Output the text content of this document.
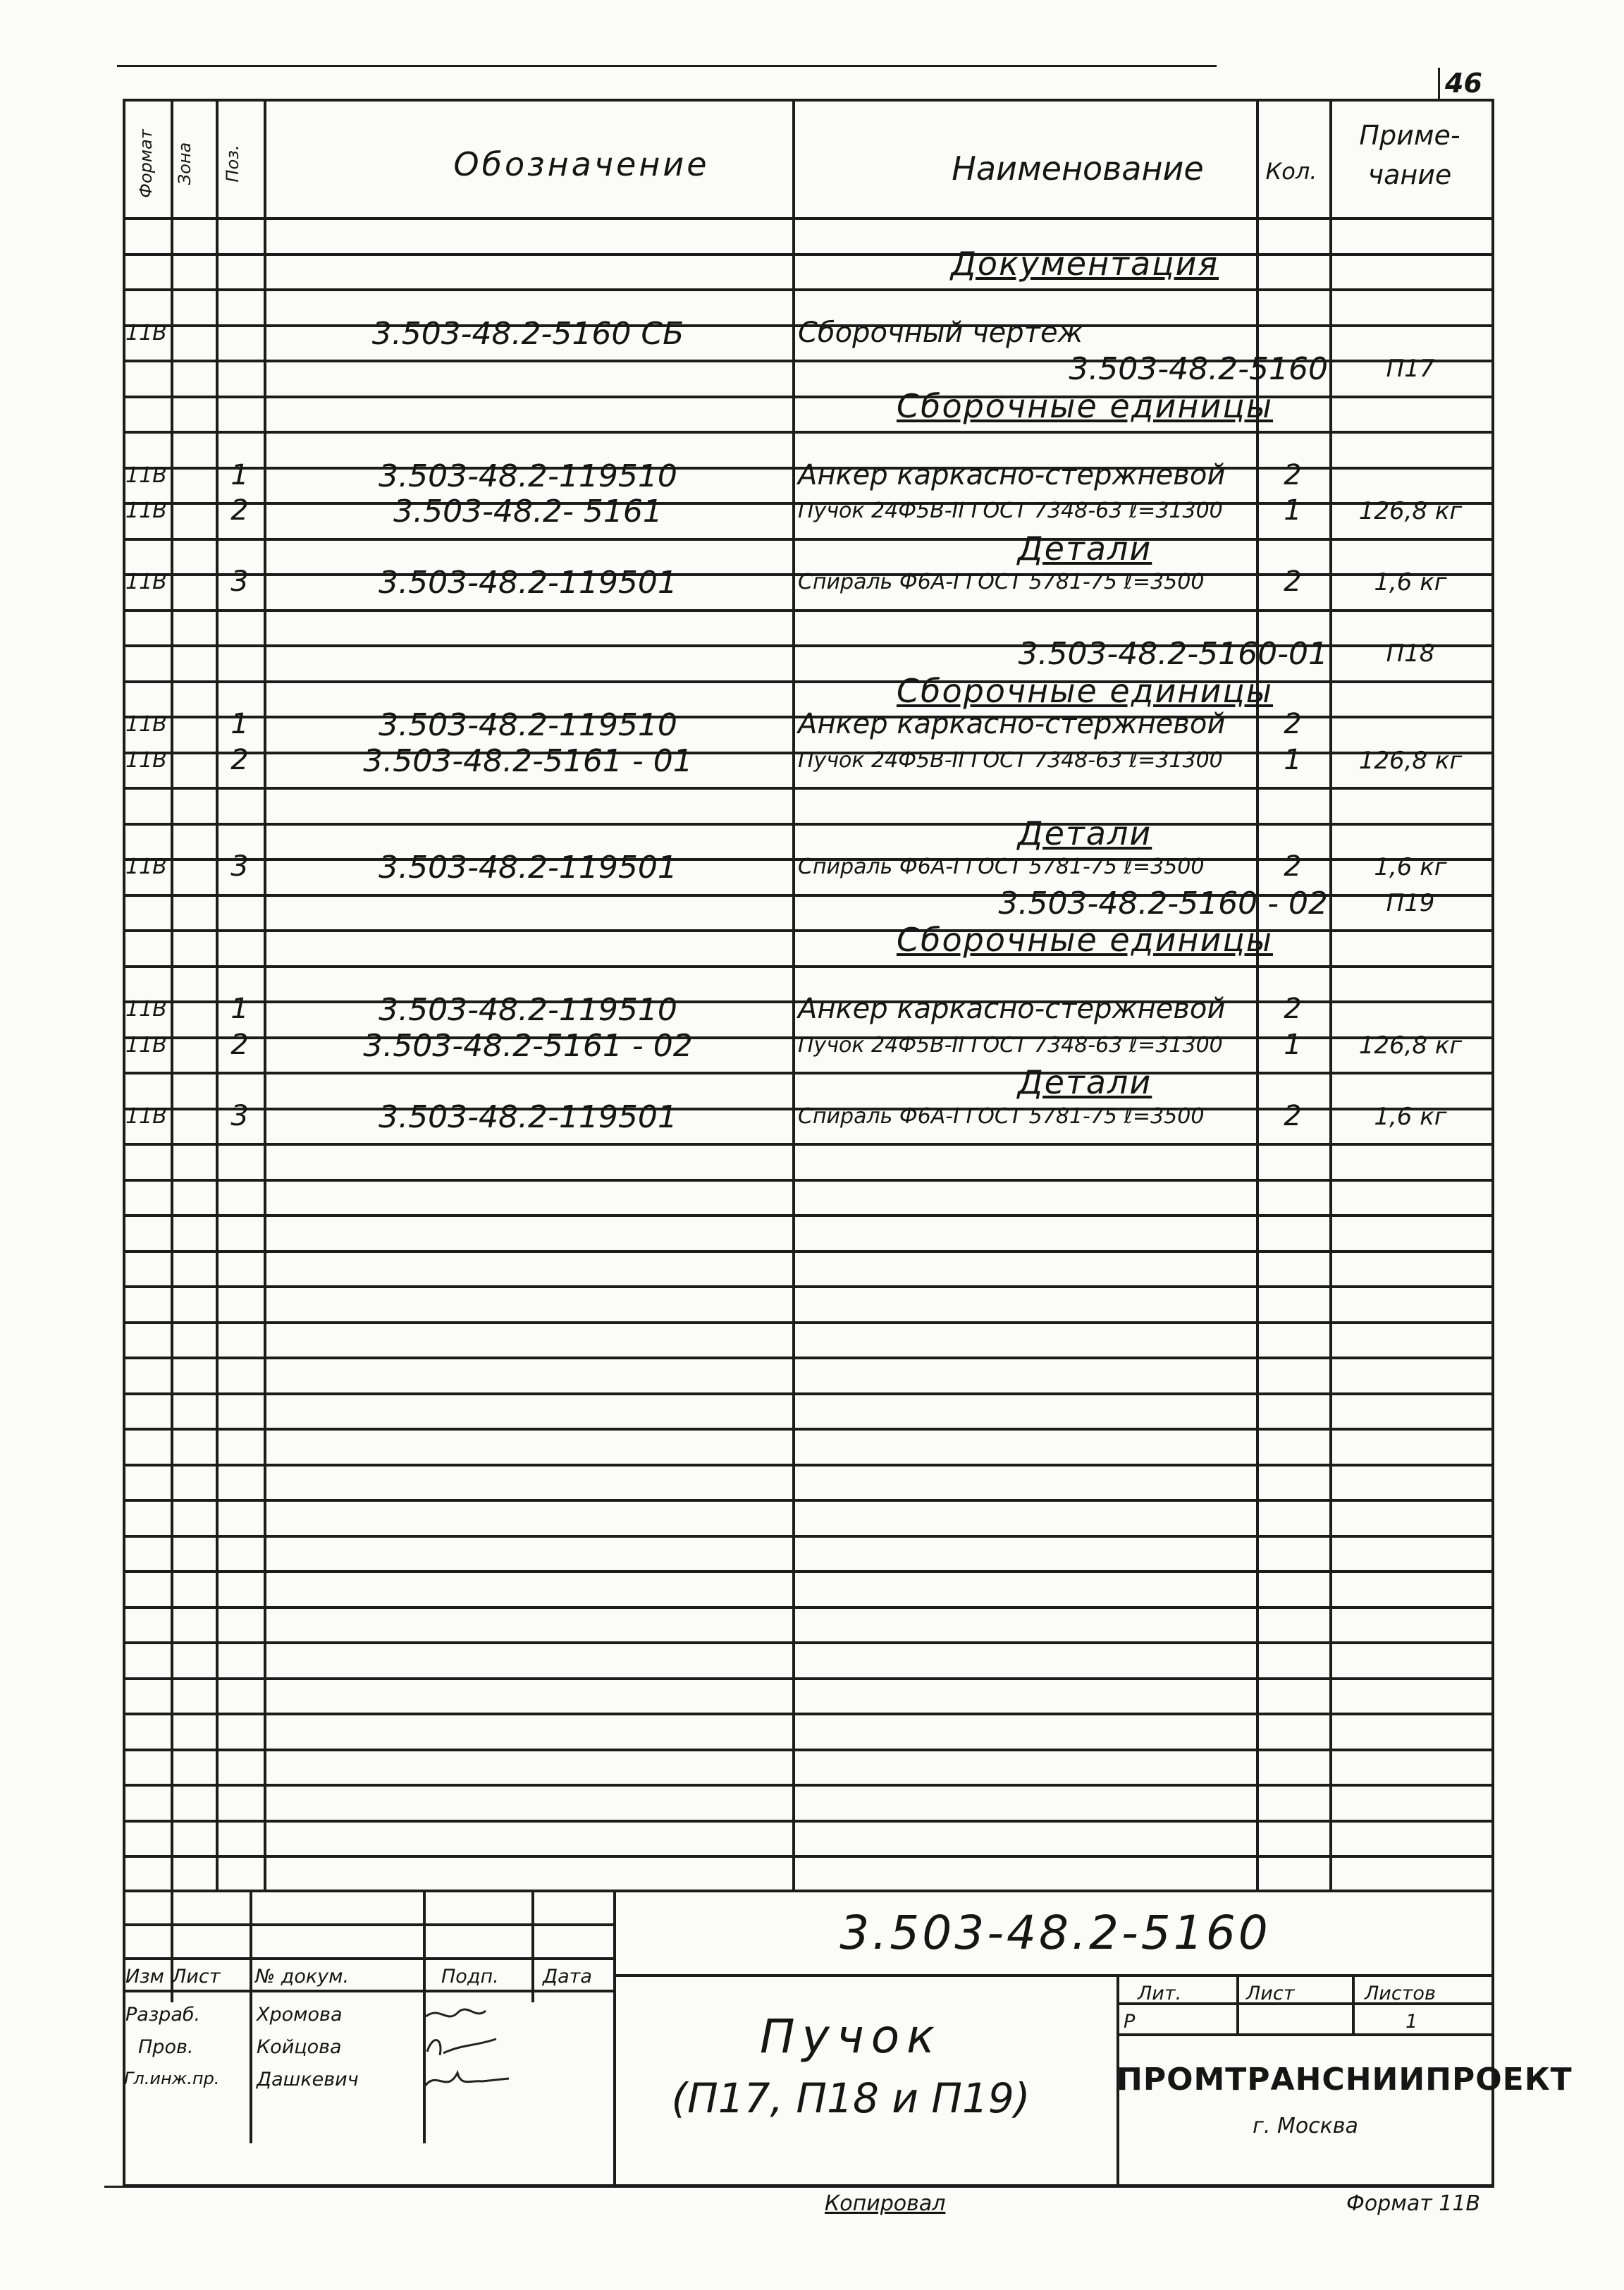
46
Формат Зона Поз.	Обозначение	Наименование	Кол.
Приме-
чание
Документация
11В	3.503-48.2-5160 СБ	Сборочный чертеж
3.503-48.2-5160	П17
Сборочные единицы
11В	1	3.503-48.2-119510	Анкер каркасно-стержневой	2
11В	2	3.503-48.2- 5161	Пучок 24Ф5В-II ГОСТ 7348-63 ℓ=31300	1	126,8 кг
Детали
11В	3	3.503-48.2-119501	Спираль Ф6А-I ГОСТ 5781-75 ℓ=3500	2	1,6 кг
3.503-48.2-5160-01	П18
Сборочные единицы
11В	1	3.503-48.2-119510	Анкер каркасно-стержневой	2
11В	2	3.503-48.2-5161 - 01	Пучок 24Ф5В-II ГОСТ 7348-63 ℓ=31300	1	126,8 кг
Детали
11В	3	3.503-48.2-119501	Спираль Ф6А-I ГОСТ 5781-75 ℓ=3500	2	1,6 кг
3.503-48.2-5160 - 02	П19
Сборочные единицы
11В	1	3.503-48.2-119510	Анкер каркасно-стержневой	2
11В	2	3.503-48.2-5161 - 02	Пучок 24Ф5В-II ГОСТ 7348-63 ℓ=31300	1	126,8 кг
Детали
11В	3	3.503-48.2-119501	Спираль Ф6А-I ГОСТ 5781-75 ℓ=3500	2	1,6 кг
3.503-48.2-5160
Изм Лист № докум.	Подп. Дата
Разраб.	Хромова
Пров.	Койцова
Гл.инж.пр. Дашкевич
Пучок
(П17, П18 и П19)
Лит.	Лист	Листов
Р	1
ПРОМТРАНСНИИПРОЕКТ
г. Москва
Копировал	Формат 11В
